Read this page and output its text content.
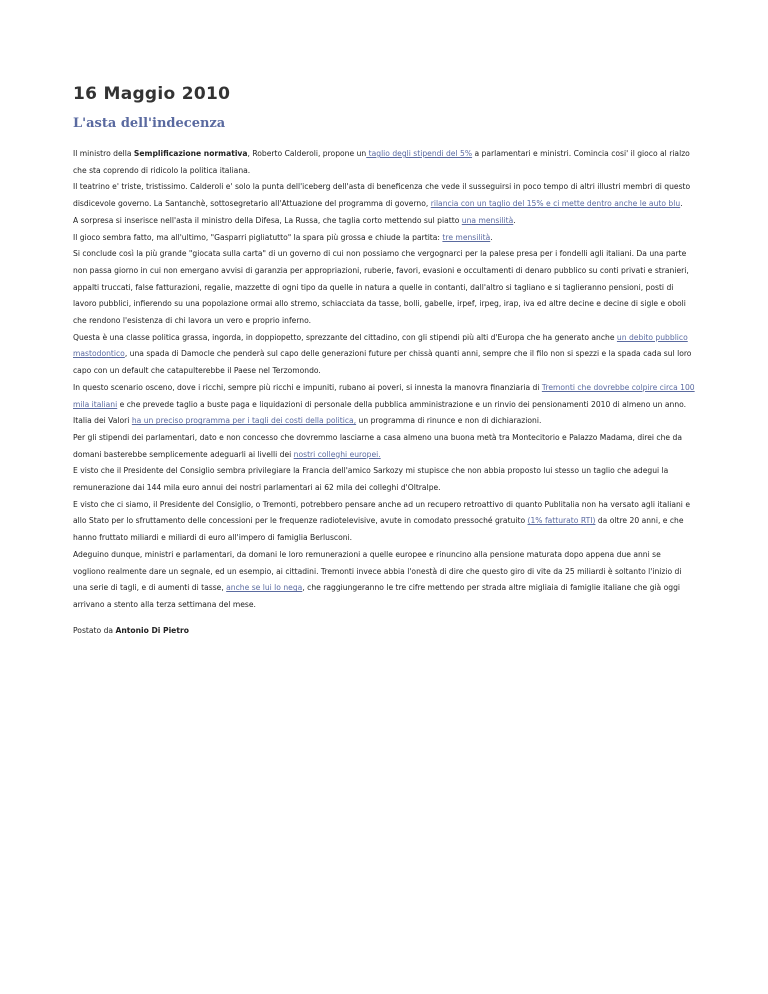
16 Maggio 2010
L'asta dell'indecenza

Il ministro della Semplificazione normativa, Roberto Calderoli, propone un taglio degli stipendi del 5% a parlamentari e ministri. Comincia cosi' il gioco al rialzo che sta coprendo di ridicolo la politica italiana.

Il teatrino e' triste, tristissimo. Calderoli e' solo la punta dell'iceberg dell'asta di beneficenza che vede il susseguirsi in poco tempo di altri illustri membri di questo disdicevole governo. La Santanchè, sottosegretario all'Attuazione del programma di governo, rilancia con un taglio del 15% e ci mette dentro anche le auto blu.

A sorpresa si inserisce nell'asta il ministro della Difesa, La Russa, che taglia corto mettendo sul piatto una mensilità.

Il gioco sembra fatto, ma all'ultimo, "Gasparri pigliatutto" la spara più grossa e chiude la partita: tre mensilità.

Si conclude così la più grande "giocata sulla carta" di un governo di cui non possiamo che vergognarci per la palese presa per i fondelli agli italiani. Da una parte non passa giorno in cui non emergano avvisi di garanzia per appropriazioni, ruberie, favori, evasioni e occultamenti di denaro pubblico su conti privati e stranieri, appalti truccati, false fatturazioni, regalie, mazzette di ogni tipo da quelle in natura a quelle in contanti, dall'altro si tagliano e si taglieranno pensioni, posti di lavoro pubblici, infierendo su una popolazione ormai allo stremo, schiacciata da tasse, bolli, gabelle, irpef, irpeg, irap, iva ed altre decine e decine di sigle e oboli che rendono l'esistenza di chi lavora un vero e proprio inferno.

Questa è una classe politica grassa, ingorda, in doppiopetto, sprezzante del cittadino, con gli stipendi più alti d'Europa che ha generato anche un debito pubblico mastodontico, una spada di Damocle che penderà sul capo delle generazioni future per chissà quanti anni, sempre che il filo non si spezzi e la spada cada sul loro capo con un default che catapulterebbe il Paese nel Terzomondo.

In questo scenario osceno, dove i ricchi, sempre più ricchi e impuniti, rubano ai poveri, si innesta la manovra finanziaria di Tremonti che dovrebbe colpire circa 100 mila italiani e che prevede taglio a buste paga e liquidazioni di personale della pubblica amministrazione e un rinvio dei pensionamenti 2010 di almeno un anno.

Italia dei Valori ha un preciso programma per i tagli dei costi della politica, un programma di rinunce e non di dichiarazioni.

Per gli stipendi dei parlamentari, dato e non concesso che dovremmo lasciarne a casa almeno una buona metà tra Montecitorio e Palazzo Madama, direi che da domani basterebbe semplicemente adeguarli ai livelli dei nostri colleghi europei.

E visto che il Presidente del Consiglio sembra privilegiare la Francia dell'amico Sarkozy mi stupisce che non abbia proposto lui stesso un taglio che adegui la remunerazione dai 144 mila euro annui dei nostri parlamentari ai 62 mila dei colleghi d'Oltralpe.

E visto che ci siamo, il Presidente del Consiglio, o Tremonti, potrebbero pensare anche ad un recupero retroattivo di quanto Publitalia non ha versato agli italiani e allo Stato per lo sfruttamento delle concessioni per le frequenze radiotelevisive, avute in comodato pressoché gratuito (1% fatturato RTI) da oltre 20 anni, e che hanno fruttato miliardi e miliardi di euro all'impero di famiglia Berlusconi.

Adeguino dunque, ministri e parlamentari, da domani le loro remunerazioni a quelle europee e rinuncino alla pensione maturata dopo appena due anni se vogliono realmente dare un segnale, ed un esempio, ai cittadini. Tremonti invece abbia l'onestà di dire che questo giro di vite da 25 miliardi è soltanto l'inizio di una serie di tagli, e di aumenti di tasse, anche se lui lo nega, che raggiungeranno le tre cifre mettendo per strada altre migliaia di famiglie italiane che già oggi arrivano a stento alla terza settimana del mese.

Postato da Antonio Di Pietro
